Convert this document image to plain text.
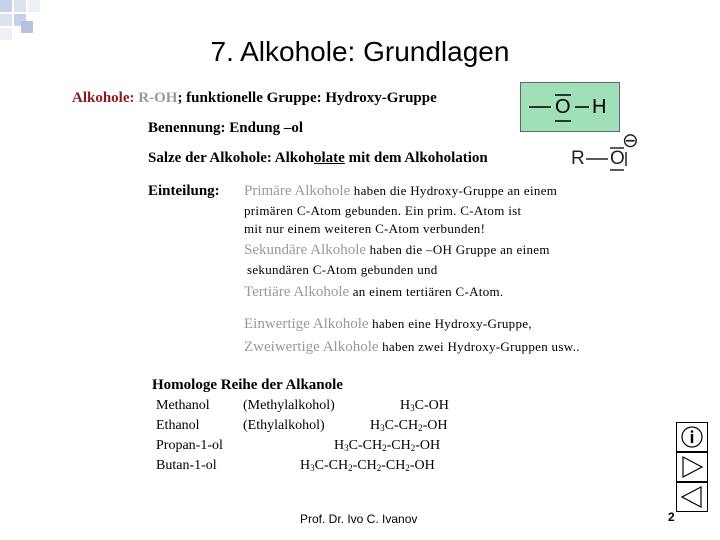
7. Alkohole: Grundlagen
Alkohole: R-OH; funktionelle Gruppe: Hydroxy-Gruppe	O H
Benennung: Endung –ol
Salze der Alkohole: Alkoholate mit dem Alkoholation	R O
⊖
Einteilung: Primäre Alkohole haben die Hydroxy-Gruppe an einem
primären C-Atom gebunden. Ein prim. C-Atom ist
mit nur einem weiteren C-Atom verbunden!
Sekundäre Alkohole haben die –OH Gruppe an einem
sekundären C-Atom gebunden und
Tertiäre Alkohole an einem tertiären C-Atom.
Einwertige Alkohole haben eine Hydroxy-Gruppe,
Zweiwertige Alkohole haben zwei Hydroxy-Gruppen usw..
Homologe Reihe der Alkanole
Methanol (Methylalkohol)	$H_3C-OH$
Ethanol	(Ethylalkohol)	$H_3C-CH_2-OH$
Propan-1-ol	$H_3C-CH_2-CH_2-OH$
Butan-1-ol	$H_3C-CH_2-CH_2-CH_2-OH$
Prof. Dr. Ivo C. Ivanov	2
